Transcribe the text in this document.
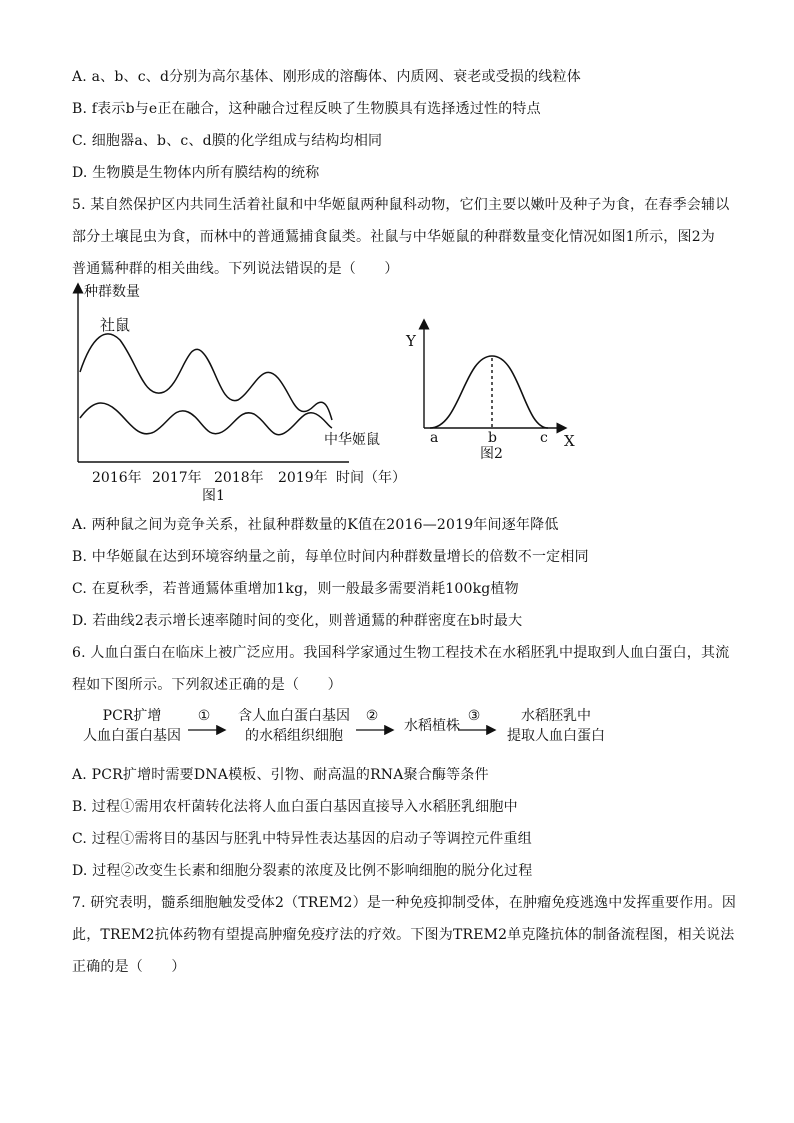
A. a、b、c、d分别为高尔基体、刚形成的溶酶体、内质网、衰老或受损的线粒体
B. f表示b与e正在融合，这种融合过程反映了生物膜具有选择透过性的特点
C. 细胞器a、b、c、d膜的化学组成与结构均相同
D. 生物膜是生物体内所有膜结构的统称
5. 某自然保护区内共同生活着社鼠和中华姬鼠两种鼠科动物，它们主要以嫩叶及种子为食，在春季会辅以
部分土壤昆虫为食，而林中的普通鵟捕食鼠类。社鼠与中华姬鼠的种群数量变化情况如图1所示，图2为
普通鵟种群的相关曲线。下列说法错误的是（　　）
种群数量
社鼠
中华姬鼠
2016年 2017年 2018年 2019年 时间（年）
图1
Y
X
a	b	c
图2
A. 两种鼠之间为竞争关系，社鼠种群数量的K值在2016—2019年间逐年降低
B. 中华姬鼠在达到环境容纳量之前，每单位时间内种群数量增长的倍数不一定相同
C. 在夏秋季，若普通鵟体重增加1kg，则一般最多需要消耗100kg植物
D. 若曲线2表示增长速率随时间的变化，则普通鵟的种群密度在b时最大
6. 人血白蛋白在临床上被广泛应用。我国科学家通过生物工程技术在水稻胚乳中提取到人血白蛋白，其流
程如下图所示。下列叙述正确的是（　　）
PCR扩增
人血白蛋白基因
① 含人血白蛋白基因
的水稻组织细胞
②
水稻植株
③	水稻胚乳中
提取人血白蛋白
A. PCR扩增时需要DNA模板、引物、耐高温的RNA聚合酶等条件
B. 过程①需用农杆菌转化法将人血白蛋白基因直接导入水稻胚乳细胞中
C. 过程①需将目的基因与胚乳中特异性表达基因的启动子等调控元件重组
D. 过程②改变生长素和细胞分裂素的浓度及比例不影响细胞的脱分化过程
7. 研究表明，髓系细胞触发受体2（TREM2）是一种免疫抑制受体，在肿瘤免疫逃逸中发挥重要作用。因
此，TREM2抗体药物有望提高肿瘤免疫疗法的疗效。下图为TREM2单克隆抗体的制备流程图，相关说法
正确的是（　　）
